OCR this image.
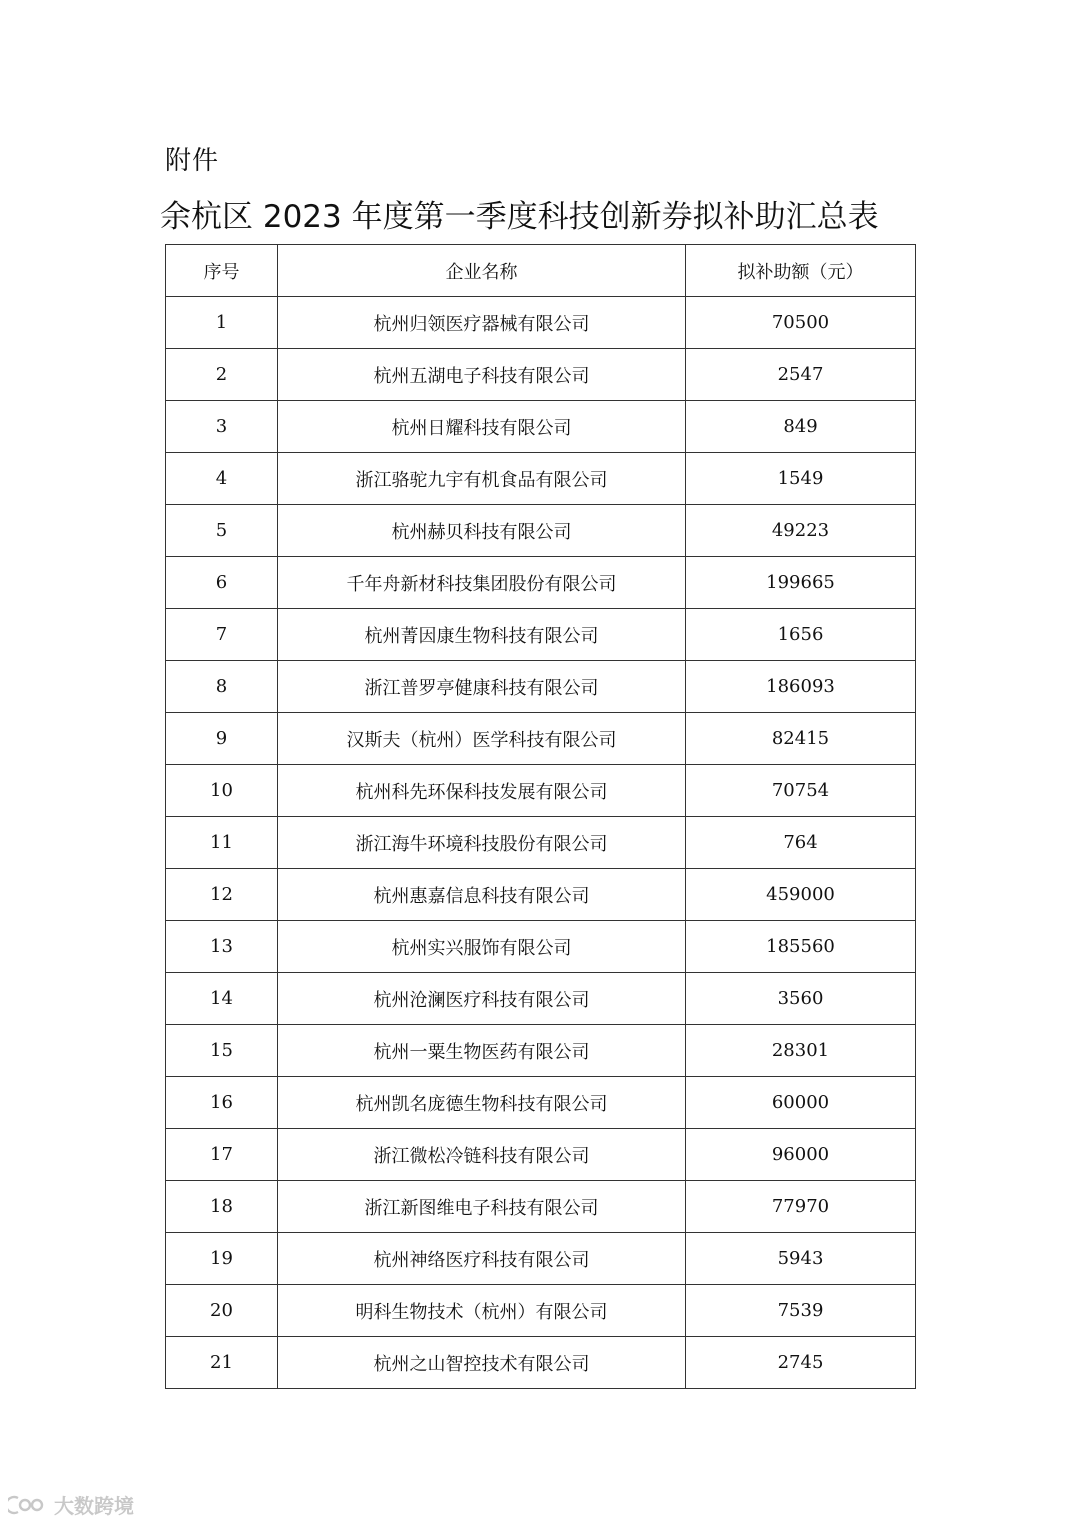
附件
余杭区 2023 年度第一季度科技创新券拟补助汇总表
序号	企业名称	拟补助额（元）
1	杭州归领医疗器械有限公司	70500
2	杭州五湖电子科技有限公司	2547
3	杭州日耀科技有限公司	849
4	浙江骆驼九宇有机食品有限公司	1549
5	杭州赫贝科技有限公司	49223
6	千年舟新材科技集团股份有限公司	199665
7	杭州菁因康生物科技有限公司	1656
8	浙江普罗亭健康科技有限公司	186093
9	汉斯夫（杭州）医学科技有限公司	82415
10	杭州科先环保科技发展有限公司	70754
11	浙江海牛环境科技股份有限公司	764
12	杭州惠嘉信息科技有限公司	459000
13	杭州实兴服饰有限公司	185560
14	杭州沧澜医疗科技有限公司	3560
15	杭州一粟生物医药有限公司	28301
16	杭州凯名庞德生物科技有限公司	60000
17	浙江微松冷链科技有限公司	96000
18	浙江新图维电子科技有限公司	77970
19	杭州神络医疗科技有限公司	5943
20	明科生物技术（杭州）有限公司	7539
21	杭州之山智控技术有限公司	2745
大数跨境
